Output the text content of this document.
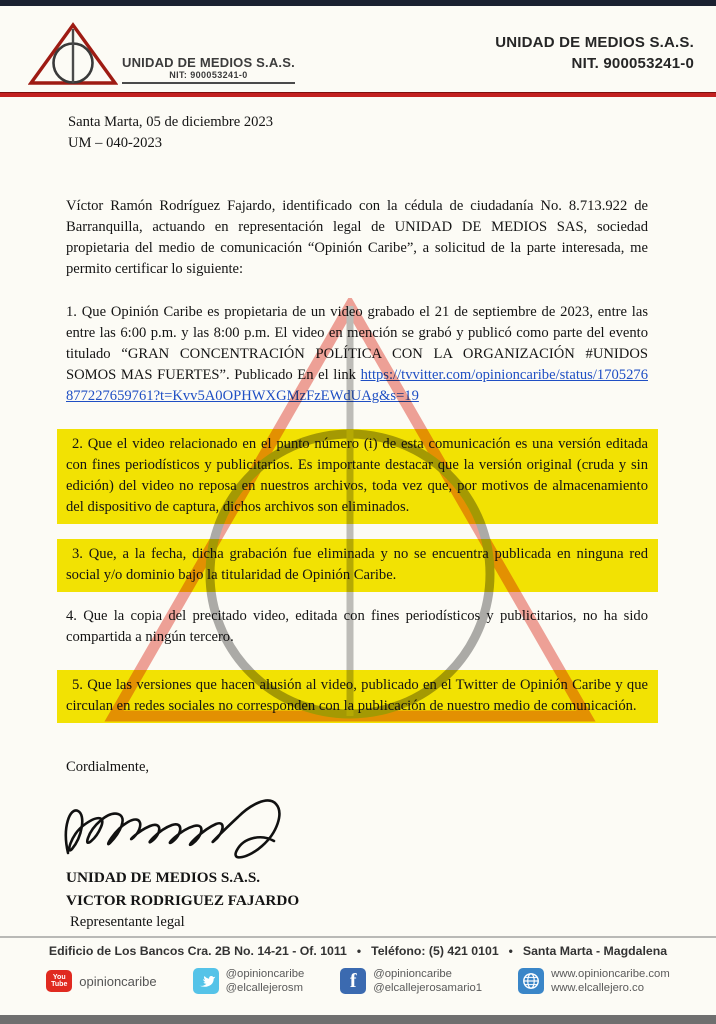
UNIDAD DE MEDIOS S.A.S.
NIT: 900053241-0
UNIDAD DE MEDIOS S.A.S.
NIT. 900053241-0
Santa Marta, 05 de diciembre 2023
UM – 040-2023

Víctor Ramón Rodríguez Fajardo, identificado con la cédula de ciudadanía No. 8.713.922 de Barranquilla, actuando en representación legal de UNIDAD DE MEDIOS SAS, sociedad propietaria del medio de comunicación “Opinión Caribe”, a solicitud de la parte interesada, me permito certificar lo siguiente:

1. Que Opinión Caribe es propietaria de un video grabado el 21 de septiembre de 2023, entre las entre las 6:00 p.m. y las 8:00 p.m. El video en mención se grabó y publicó como parte del evento titulado “GRAN CONCENTRACIÓN POLÍTICA CON LA ORGANIZACIÓN #UNIDOS SOMOS MAS FUERTES”. Publicado En el link https://tvvitter.com/opinioncaribe/status/1705276877227659761?t=Kvv5A0OPHWXGMzFzEWdUAg&s=19

2. Que el video relacionado en el punto número (i) de esta comunicación es una versión editada con fines periodísticos y publicitarios. Es importante destacar que la versión original (cruda y sin edición) del video no reposa en nuestros archivos, toda vez que, por motivos de almacenamiento del dispositivo de captura, dichos archivos son eliminados.

3. Que, a la fecha, dicha grabación fue eliminada y no se encuentra publicada en ninguna red social y/o dominio bajo la titularidad de Opinión Caribe.

4. Que la copia del precitado video, editada con fines periodísticos y publicitarios, no ha sido compartida a ningún tercero.

5. Que las versiones que hacen alusión al video, publicado en el Twitter de Opinión Caribe y que circulan en redes sociales no corresponden con la publicación de nuestro medio de comunicación.

Cordialmente,

UNIDAD DE MEDIOS S.A.S.
VICTOR RODRIGUEZ FAJARDO
Representante legal
Edificio de Los Bancos Cra. 2B No. 14-21 - Of. 1011 • Teléfono: (5) 421 0101 • Santa Marta - Magdalena
You
Tube opinioncaribe	@opinioncaribe
@elcallejerosm	f	@opinioncaribe
@elcallejerosamario1
www.opinioncaribe.com
www.elcallejero.co
